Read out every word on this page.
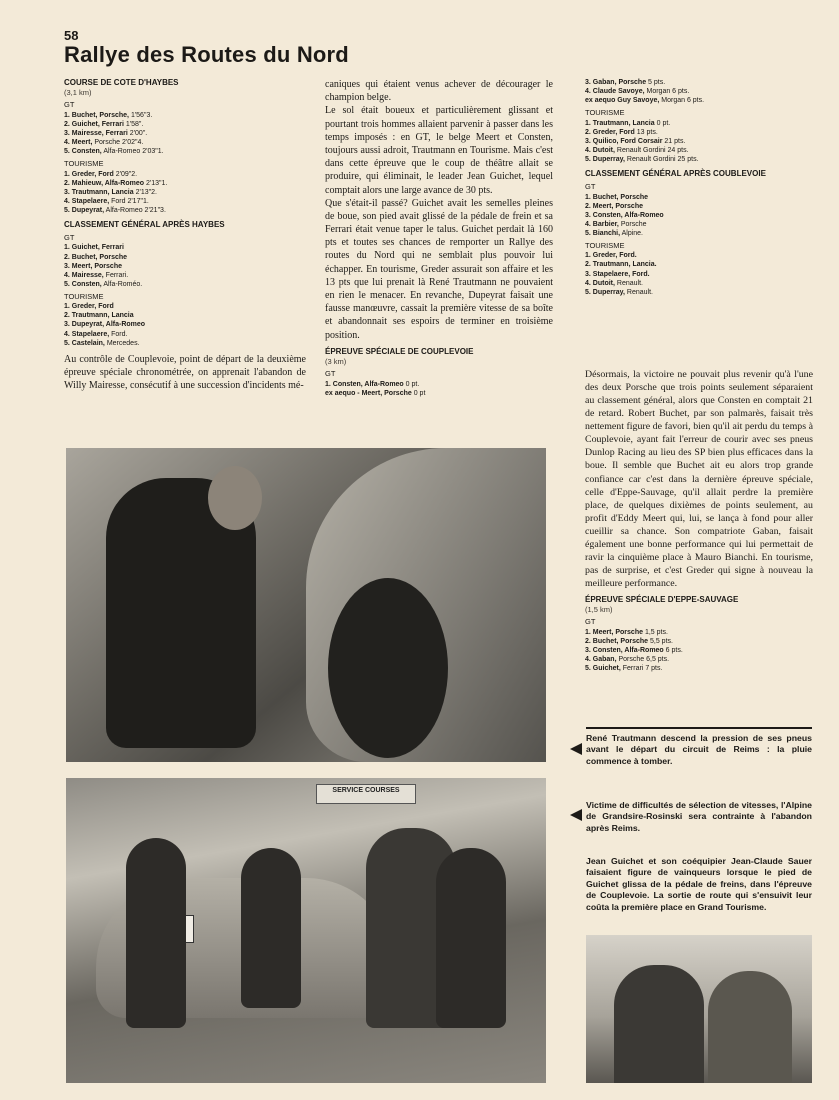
58
Rallye des Routes du Nord
COURSE DE COTE D'HAYBES
(3,1 km)
GT
1. Buchet, Porsche, 1'56"3.
2. Guichet, Ferrari 1'58".
3. Mairesse, Ferrari 2'00".
4. Meert, Porsche 2'02"4.
5. Consten, Alfa-Romeo 2'03"1.
TOURISME
1. Greder, Ford 2'09"2.
2. Mahieuw, Alfa-Romeo 2'13"1.
3. Trautmann, Lancia 2'13"2.
4. Stapelaere, Ford 2'17"1.
5. Dupeyrat, Alfa-Romeo 2'21"3.
CLASSEMENT GÉNÉRAL APRÈS HAYBES
GT
1. Guichet, Ferrari
2. Buchet, Porsche
3. Meert, Porsche
4. Mairesse, Ferrari.
5. Consten, Alfa-Roméo.
TOURISME
1. Greder, Ford
2. Trautmann, Lancia
3. Dupeyrat, Alfa-Romeo
4. Stapelaere, Ford.
5. Castelain, Mercedes.

Au contrôle de Couplevoie, point de départ de la deuxième épreuve spéciale chronométrée, on apprenait l'abandon de Willy Mairesse, consécutif à une succession d'incidents mé-

caniques qui étaient venus achever de décourager le champion belge.

Le sol était boueux et particulièrement glissant et pourtant trois hommes allaient parvenir à passer dans les temps imposés : en GT, le belge Meert et Consten, toujours aussi adroit, Trautmann en Tourisme. Mais c'est dans cette épreuve que le coup de théâtre allait se produire, qui éliminait, le leader Jean Guichet, lequel comptait alors une large avance de 30 pts.

Que s'était-il passé? Guichet avait les semelles pleines de boue, son pied avait glissé de la pédale de frein et sa Ferrari était venue taper le talus. Guichet perdait là 160 pts et toutes ses chances de remporter un Rallye des routes du Nord qui ne semblait plus pouvoir lui échapper. En tourisme, Greder assurait son affaire et les 13 pts que lui prenait là René Trautmann ne pouvaient en rien le menacer. En revanche, Dupeyrat faisait une fausse manœuvre, cassait la première vitesse de sa boîte et abandonnait ses espoirs de terminer en troisième position.

ÉPREUVE SPÉCIALE DE COUPLEVOIE
(3 km)
GT
1. Consten, Alfa-Romeo 0 pt.
ex aequo - Meert, Porsche 0 pt
3. Gaban, Porsche 5 pts.
4. Claude Savoye, Morgan 6 pts.
ex aequo Guy Savoye, Morgan 6 pts.
TOURISME
1. Trautmann, Lancia 0 pt.
2. Greder, Ford 13 pts.
3. Quilico, Ford Corsair 21 pts.
4. Dutoit, Renault Gordini 24 pts.
5. Duperray, Renault Gordini 25 pts.
CLASSEMENT GÉNÉRAL APRÈS COUBLEVOIE
GT
1. Buchet, Porsche
2. Meert, Porsche
3. Consten, Alfa-Romeo
4. Barbier, Porsche
5. Bianchi, Alpine.
TOURISME
1. Greder, Ford.
2. Trautmann, Lancia.
3. Stapelaere, Ford.
4. Dutoit, Renault.
5. Duperray, Renault.

Désormais, la victoire ne pouvait plus revenir qu'à l'une des deux Porsche que trois points seulement séparaient au classement général, alors que Consten en comptait 21 de retard. Robert Buchet, par son palmarès, faisait très nettement figure de favori, bien qu'il ait perdu du temps à Couplevoie, ayant fait l'erreur de courir avec ses pneus Dunlop Racing au lieu des SP bien plus efficaces dans la boue. Il semble que Buchet ait eu alors trop grande confiance car c'est dans la dernière épreuve spéciale, celle d'Eppe-Sauvage, qu'il allait perdre la première place, de quelques dixièmes de points seulement, au profit d'Eddy Meert qui, lui, se lança à fond pour aller cueillir sa chance. Son compatriote Gaban, faisait également une bonne performance qui lui permettait de ravir la cinquième place à Mauro Bianchi. En tourisme, pas de surprise, et c'est Greder qui signe à nouveau la meilleure performance.

ÉPREUVE SPÉCIALE D'EPPE-SAUVAGE
(1,5 km)
GT
1. Meert, Porsche 1,5 pts.
2. Buchet, Porsche 5,5 pts.
3. Consten, Alfa-Romeo 6 pts.
4. Gaban, Porsche 6,5 pts.
5. Guichet, Ferrari 7 pts.
SERVICE COURSES

René Trautmann descend la pression de ses pneus avant le départ du circuit de Reims : la pluie commence à tomber.

Victime de difficultés de sélection de vitesses, l'Alpine de Grandsire-Rosinski sera contrainte à l'abandon après Reims.

Jean Guichet et son coéquipier Jean-Claude Sauer faisaient figure de vainqueurs lorsque le pied de Guichet glissa de la pédale de freins, dans l'épreuve de Couplevoie. La sortie de route qui s'ensuivit leur coûta la première place en Grand Tourisme.
